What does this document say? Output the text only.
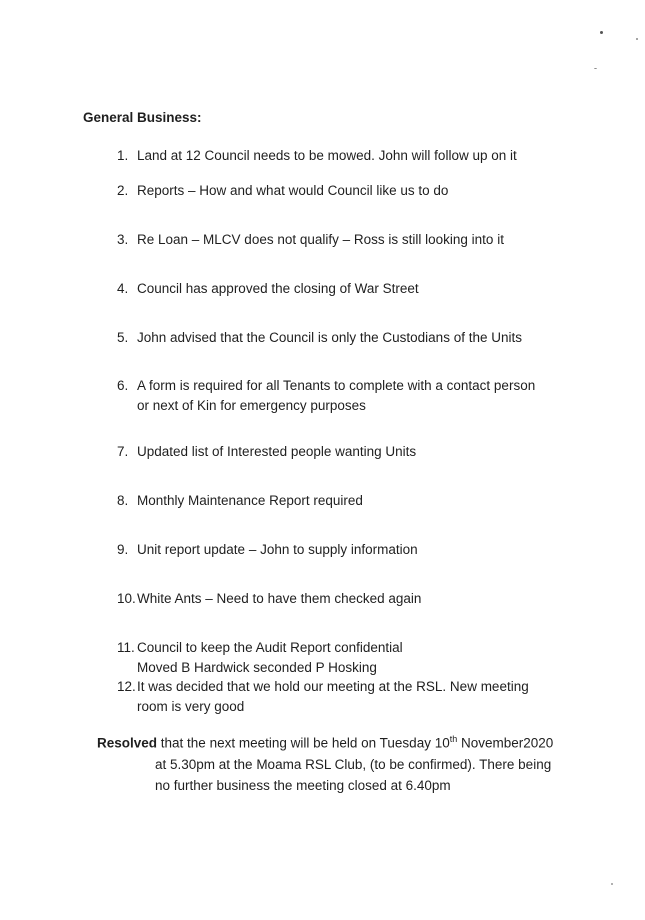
General Business:
1. Land at 12 Council needs to be mowed. John will follow up on it
2. Reports – How and what would Council like us to do
3. Re Loan – MLCV does not qualify – Ross is still looking into it
4. Council has approved the closing of War Street
5. John advised that the Council is only the Custodians of the Units
6. A form is required for all Tenants to complete with a contact person
or next of Kin for emergency purposes
7. Updated list of Interested people wanting Units
8. Monthly Maintenance Report required
9. Unit report update – John to supply information
10.White Ants – Need to have them checked again
11. Council to keep the Audit Report confidential
Moved B Hardwick seconded P Hosking
12.It was decided that we hold our meeting at the RSL. New meeting
room is very good
Resolved that the next meeting will be held on Tuesday 10th November2020
at 5.30pm at the Moama RSL Club, (to be confirmed). There being
no further business the meeting closed at 6.40pm
